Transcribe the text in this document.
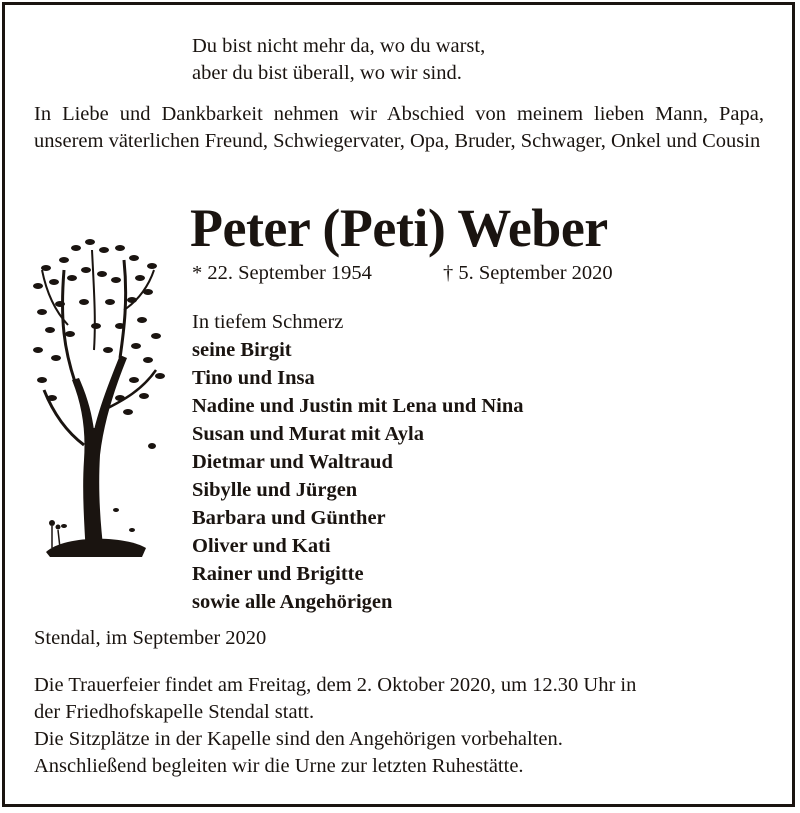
Du bist nicht mehr da, wo du warst,
aber du bist überall, wo wir sind.
In Liebe und Dankbarkeit nehmen wir Abschied von meinem lieben Mann, Papa, unserem väterlichen Freund, Schwiegervater, Opa, Bruder, Schwager, Onkel und Cousin
Peter (Peti) Weber
* 22. September 1954	† 5. September 2020
In tiefem Schmerz
seine Birgit
Tino und Insa
Nadine und Justin mit Lena und Nina
Susan und Murat mit Ayla
Dietmar und Waltraud
Sibylle und Jürgen
Barbara und Günther
Oliver und Kati
Rainer und Brigitte
sowie alle Angehörigen
Stendal, im September 2020
Die Trauerfeier findet am Freitag, dem 2. Oktober 2020, um 12.30 Uhr in
der Friedhofskapelle Stendal statt.
Die Sitzplätze in der Kapelle sind den Angehörigen vorbehalten.
Anschließend begleiten wir die Urne zur letzten Ruhestätte.
